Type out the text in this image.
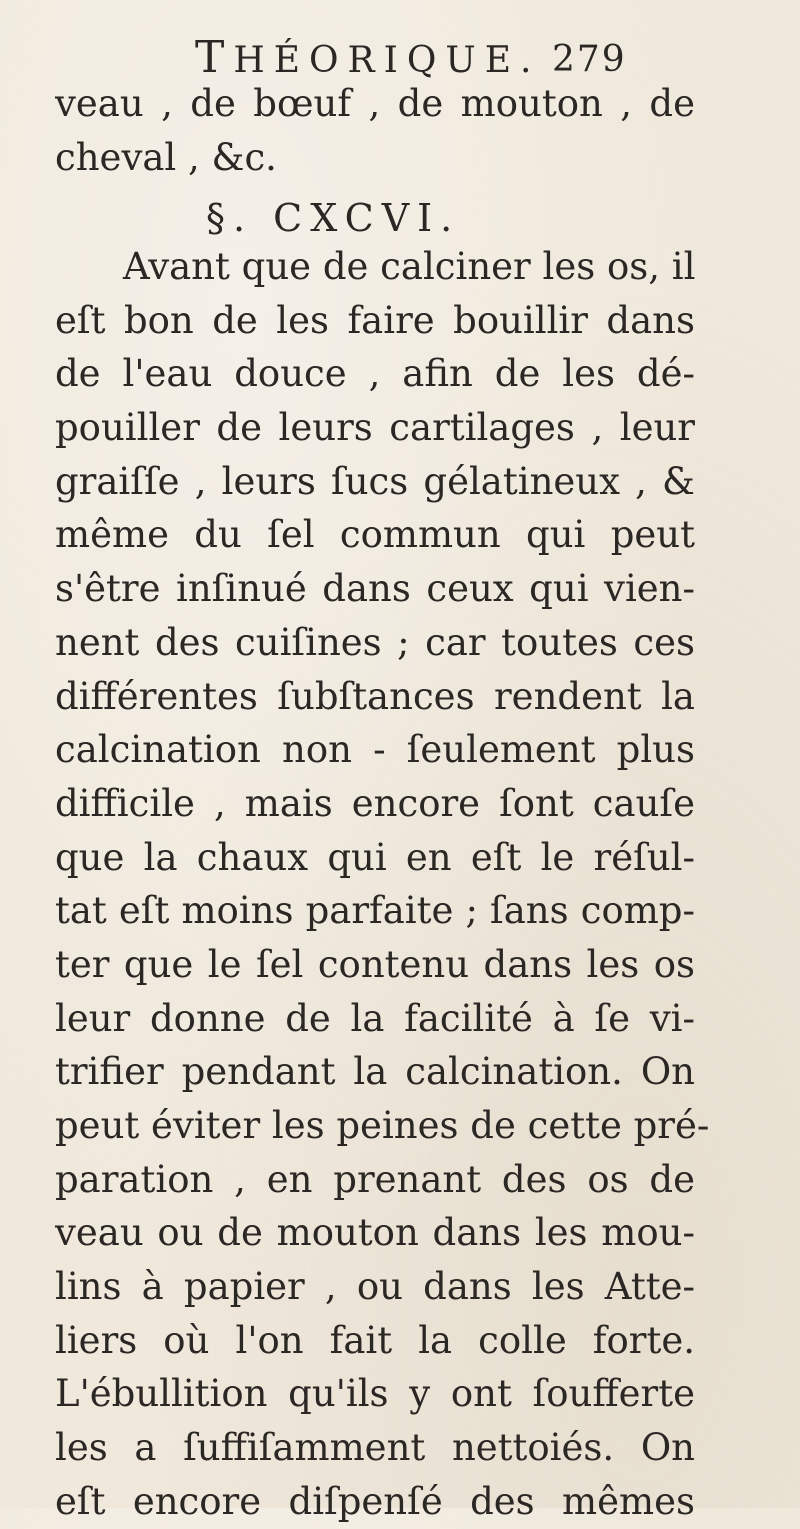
THÉORIQUE. 279
veau , de bœuf , de mouton , de
cheval , &c.
§. CXCVI.
Avant que de calciner les os, il
eſt bon de les faire bouillir dans
de l'eau douce , afin de les dé-
pouiller de leurs cartilages , leur
graiſſe , leurs ſucs gélatineux , &
même du ſel commun qui peut
s'être inſinué dans ceux qui vien-
nent des cuiſines ; car toutes ces
différentes ſubſtances rendent la
calcination non - ſeulement plus
difficile , mais encore ſont cauſe
que la chaux qui en eſt le réſul-
tat eſt moins parfaite ; ſans comp-
ter que le ſel contenu dans les os
leur donne de la facilité à ſe vi-
trifier pendant la calcination. On
peut éviter les peines de cette pré-
paration , en prenant des os de
veau ou de mouton dans les mou-
lins à papier , ou dans les Atte-
liers où l'on fait la colle forte.
L'ébullition qu'ils y ont ſoufferte
les a ſuffiſamment nettoiés. On
eſt encore diſpenſé des mêmes
